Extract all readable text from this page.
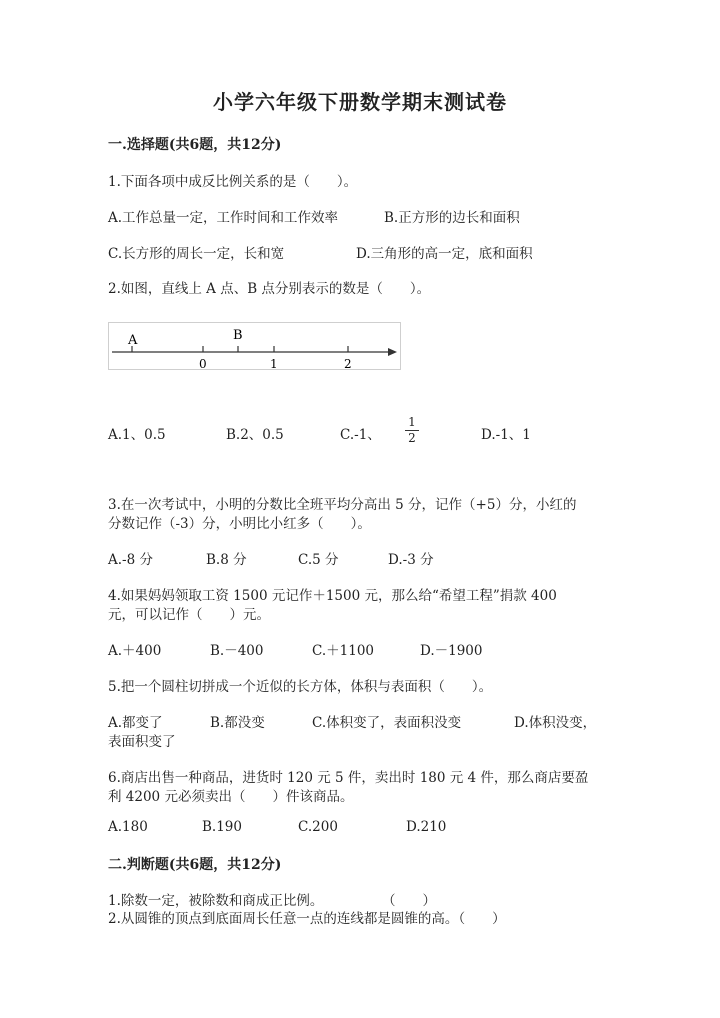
小学六年级下册数学期末测试卷
一.选择题(共6题，共12分)
1.下面各项中成反比例关系的是（　　）。
A.工作总量一定，工作时间和工作效率	B.正方形的边长和面积
C.长方形的周长一定，长和宽	D.三角形的高一定，底和面积
2.如图，直线上 A 点、B 点分别表示的数是（　　）。
A	B
0	1	2
A.1、0.5	B.2、0.5	C.-1、
1
2	D.-1、1
3.在一次考试中，小明的分数比全班平均分高出 5 分，记作（+5）分，小红的
分数记作（-3）分，小明比小红多（　　）。
A.-8 分	B.8 分	C.5 分	D.-3 分
4.如果妈妈领取工资 1500 元记作＋1500 元，那么给“希望工程”捐款 400
元，可以记作（　　）元。
A.＋400	B.－400	C.＋1100	D.－1900
5.把一个圆柱切拼成一个近似的长方体，体积与表面积（　　）。
A.都变了	B.都没变	C.体积变了，表面积没变	D.体积没变，
表面积变了
6.商店出售一种商品，进货时 120 元 5 件，卖出时 180 元 4 件，那么商店要盈
利 4200 元必须卖出（　　）件该商品。
A.180	B.190	C.200	D.210
二.判断题(共6题，共12分)
1.除数一定，被除数和商成正比例。	（　　）
2.从圆锥的顶点到底面周长任意一点的连线都是圆锥的高。（　　）
